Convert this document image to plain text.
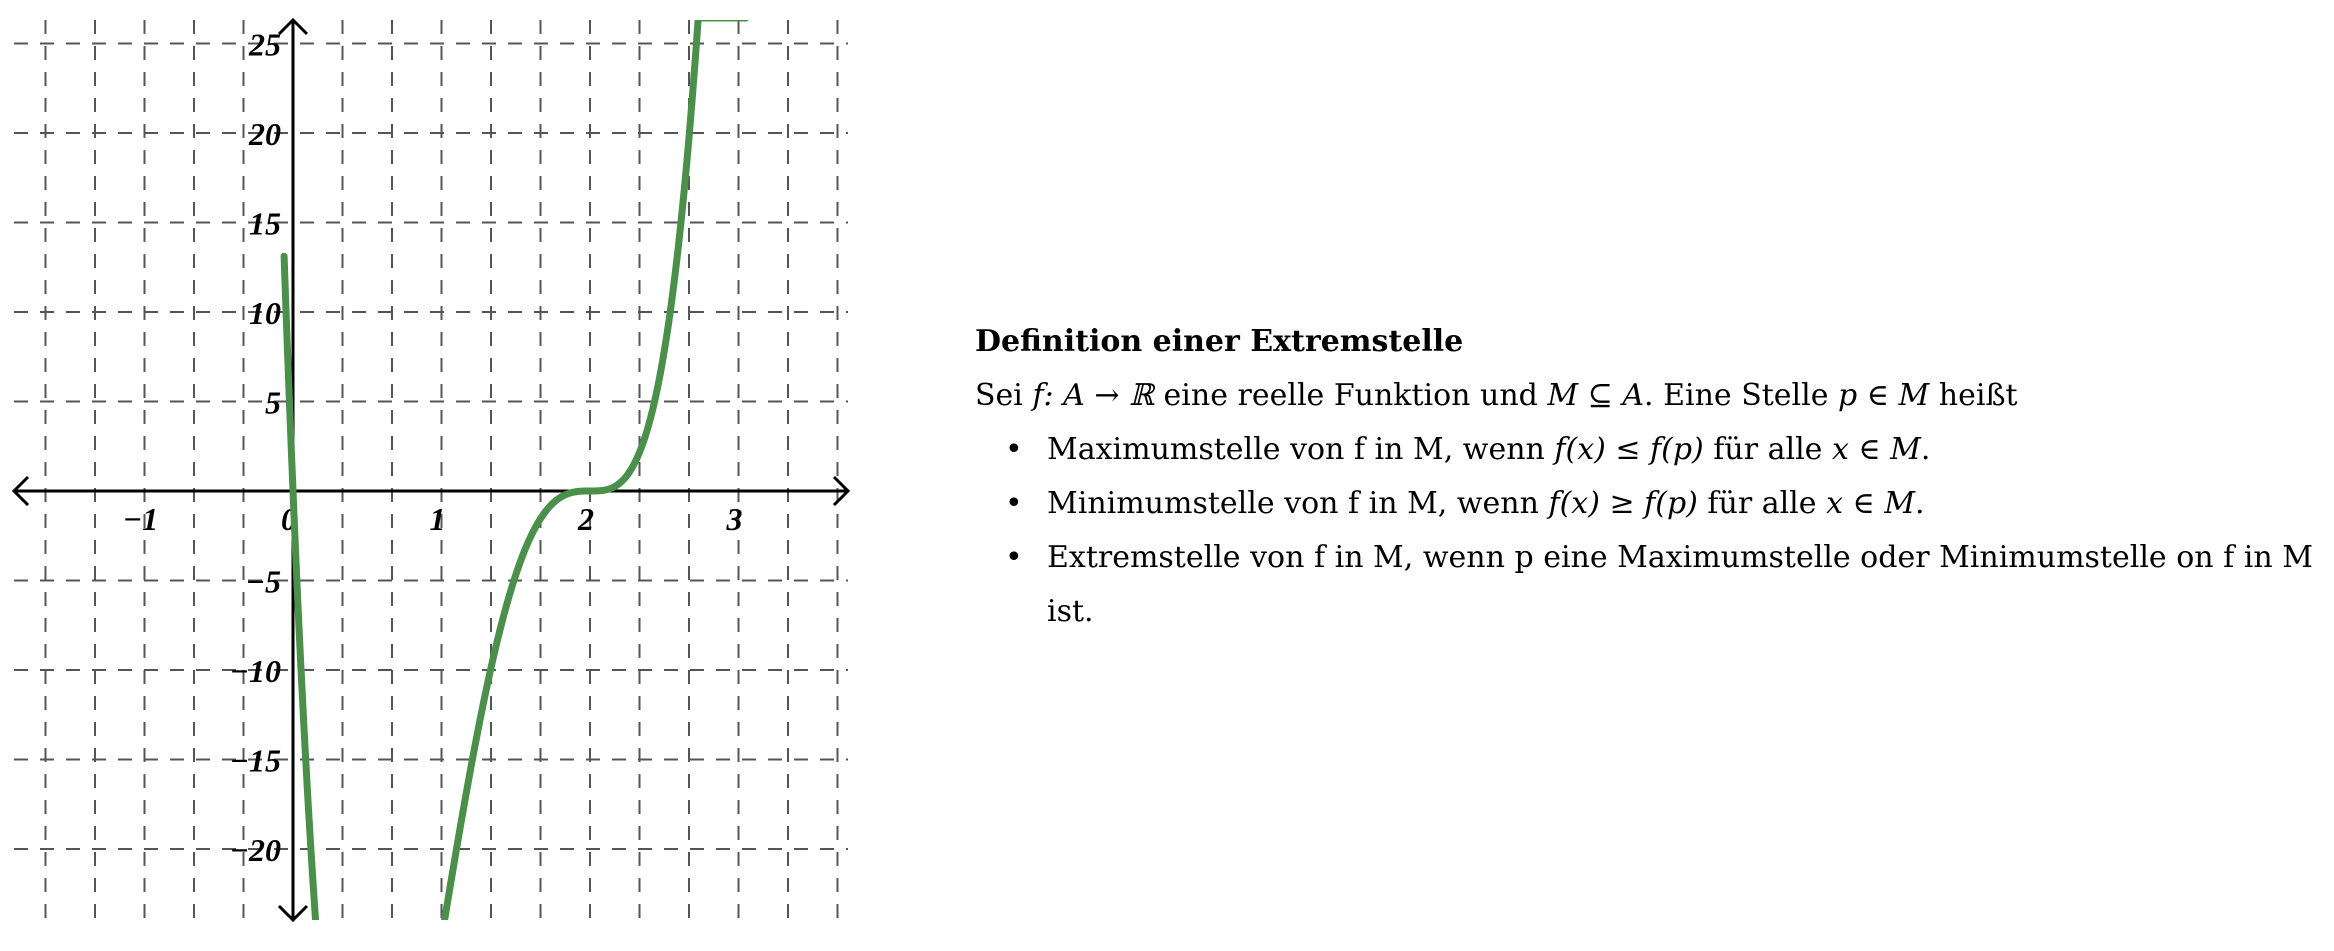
−1	0	1	2	3
25
20
15
10
5
−5
−10
−15
−20
Definition einer Extremstelle
Sei f: A → ℝ eine reelle Funktion und M ⊆ A. Eine Stelle p ∈ M heißt
• Maximumstelle von f in M, wenn f(x) ≤ f(p) für alle x ∈ M.
• Minimumstelle von f in M, wenn f(x) ≥ f(p) für alle x ∈ M.
• Extremstelle von f in M, wenn p eine Maximumstelle oder Minimumstelle on f in M ist.
